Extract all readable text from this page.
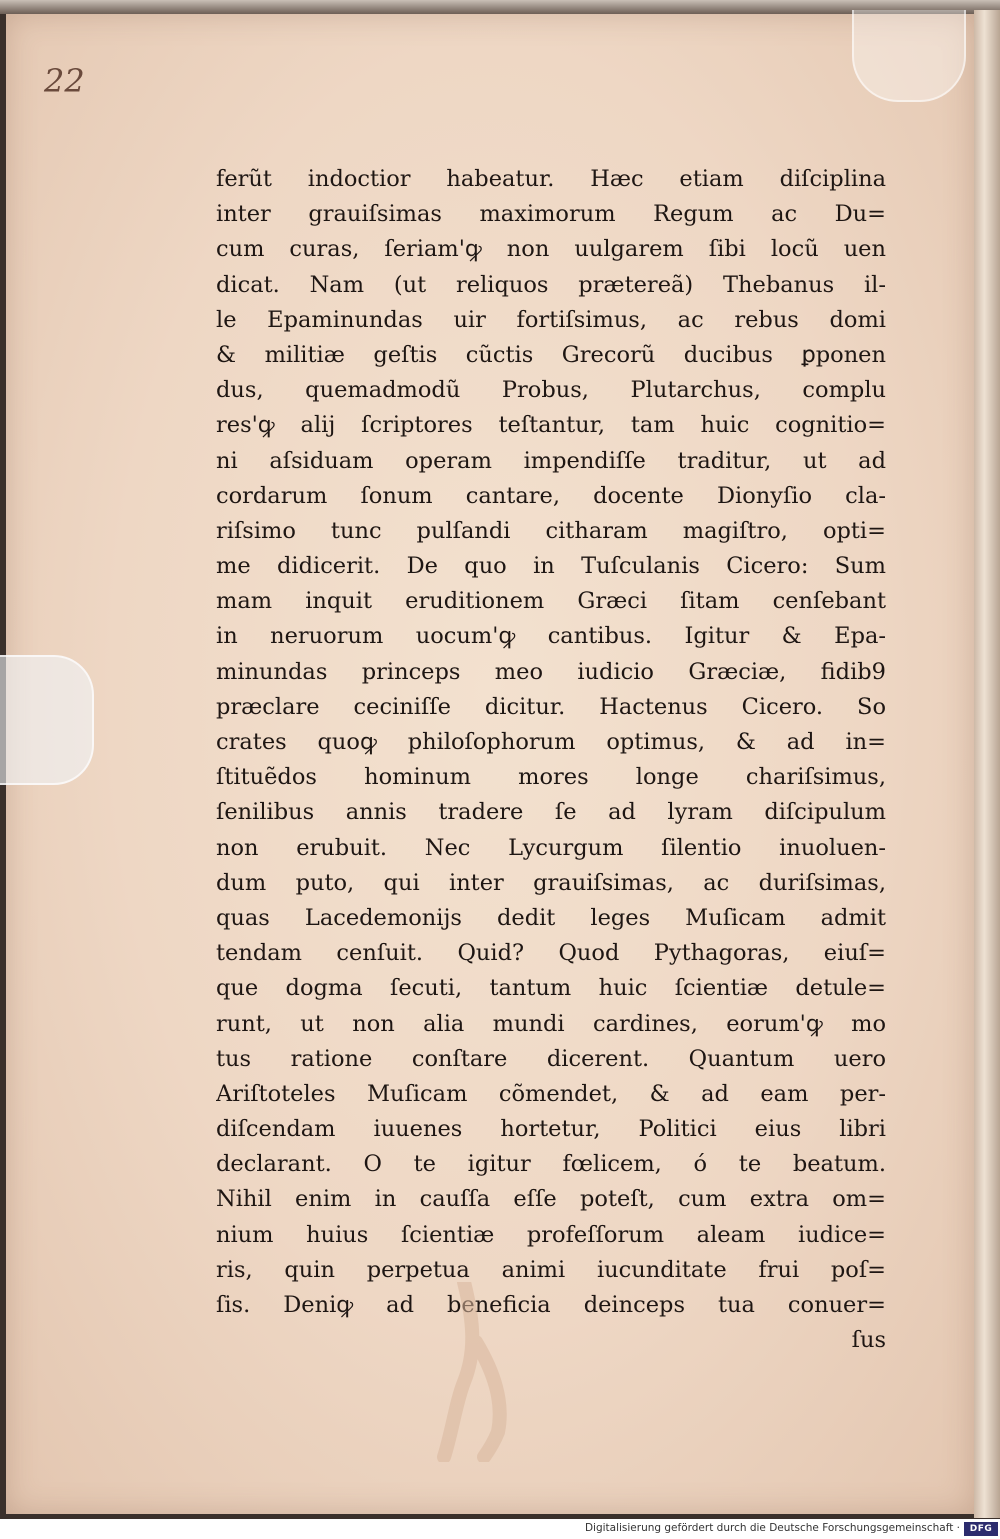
22

ferũt indoctior habeatur. Hæc etiam diſciplina
inter grauiſsimas maximorum Regum ac Du=
cum curas, ſeriam'ꝙ non uulgarem ſibi locũ uen
dicat. Nam (ut reliquos prætereã) Thebanus il-
le Epaminundas uir fortiſsimus, ac rebus domi
& militiæ geſtis cũctis Grecorũ ducibus ꝑponen
dus, quemadmodũ Probus, Plutarchus, complu
res'ꝙ alij ſcriptores teſtantur, tam huic cognitio=
ni aſsiduam operam impendiſſe traditur, ut ad
cordarum ſonum cantare, docente Dionyſio cla-
riſsimo tunc pulſandi citharam magiſtro, opti=
me didicerit. De quo in Tuſculanis Cicero: Sum
mam inquit eruditionem Græci ſitam cenſebant
in neruorum uocum'ꝙ cantibus. Igitur & Epa-
minundas princeps meo iudicio Græciæ, fidib9
præclare ceciniſſe dicitur. Hactenus Cicero. So
crates quoꝙ philoſophorum optimus, & ad in=
ſtituẽdos hominum mores longe chariſsimus,
ſenilibus annis tradere ſe ad lyram diſcipulum
non erubuit. Nec Lycurgum ſilentio inuoluen-
dum puto, qui inter grauiſsimas, ac duriſsimas,
quas Lacedemonijs dedit leges Muſicam admit
tendam cenſuit. Quid? Quod Pythagoras, eiuſ=
que dogma ſecuti, tantum huic ſcientiæ detule=
runt, ut non alia mundi cardines, eorum'ꝙ mo
tus ratione conſtare dicerent. Quantum uero
Ariſtoteles Muſicam cõmendet, & ad eam per-
diſcendam iuuenes hortetur, Politici eius libri
declarant. O te igitur fœlicem, ó te beatum.
Nihil enim in cauſſa eſſe poteſt, cum extra om=
nium huius ſcientiæ profeſſorum aleam iudice=
ris, quin perpetua animi iucunditate frui poſ=
ſis. Deniꝙ ad beneficia deinceps tua conuer=
ſus
Digitalisierung gefördert durch die Deutsche Forschungsgemeinschaft ·	DFG
